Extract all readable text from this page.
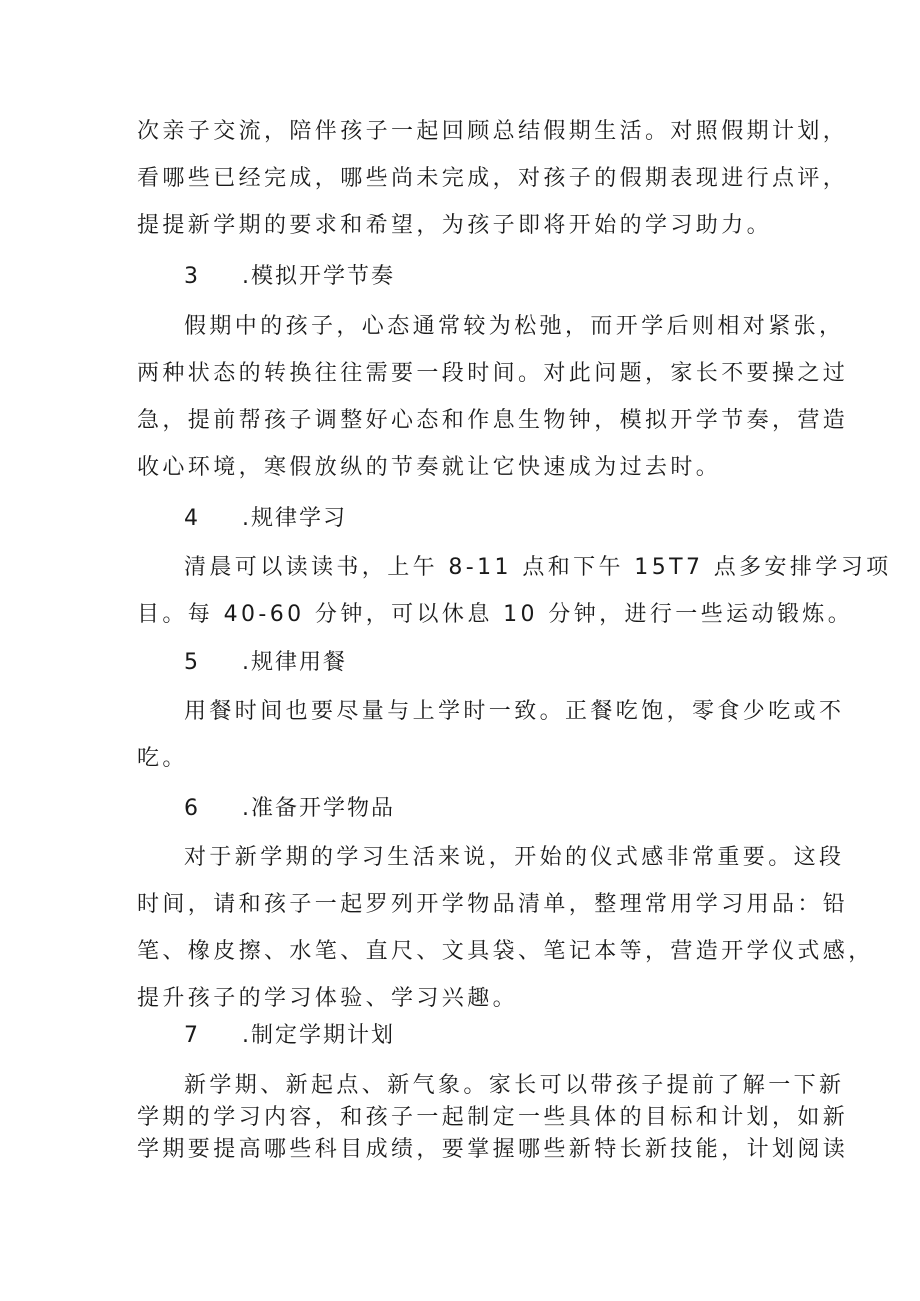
次亲子交流，陪伴孩子一起回顾总结假期生活。对照假期计划，
看哪些已经完成，哪些尚未完成，对孩子的假期表现进行点评，
提提新学期的要求和希望，为孩子即将开始的学习助力。
3 .模拟开学节奏
假期中的孩子，心态通常较为松弛，而开学后则相对紧张，
两种状态的转换往往需要一段时间。对此问题，家长不要操之过
急，提前帮孩子调整好心态和作息生物钟，模拟开学节奏，营造
收心环境，寒假放纵的节奏就让它快速成为过去时。
4 .规律学习
清晨可以读读书，上午 8-11 点和下午 15T7 点多安排学习项
目。每 40-60 分钟，可以休息 10 分钟，进行一些运动锻炼。
5 .规律用餐
用餐时间也要尽量与上学时一致。正餐吃饱，零食少吃或不
吃。
6 .准备开学物品
对于新学期的学习生活来说，开始的仪式感非常重要。这段
时间，请和孩子一起罗列开学物品清单，整理常用学习用品：铅
笔、橡皮擦、水笔、直尺、文具袋、笔记本等，营造开学仪式感，
提升孩子的学习体验、学习兴趣。
7 .制定学期计划
新学期、新起点、新气象。家长可以带孩子提前了解一下新
学期的学习内容，和孩子一起制定一些具体的目标和计划，如新
学期要提高哪些科目成绩，要掌握哪些新特长新技能，计划阅读
